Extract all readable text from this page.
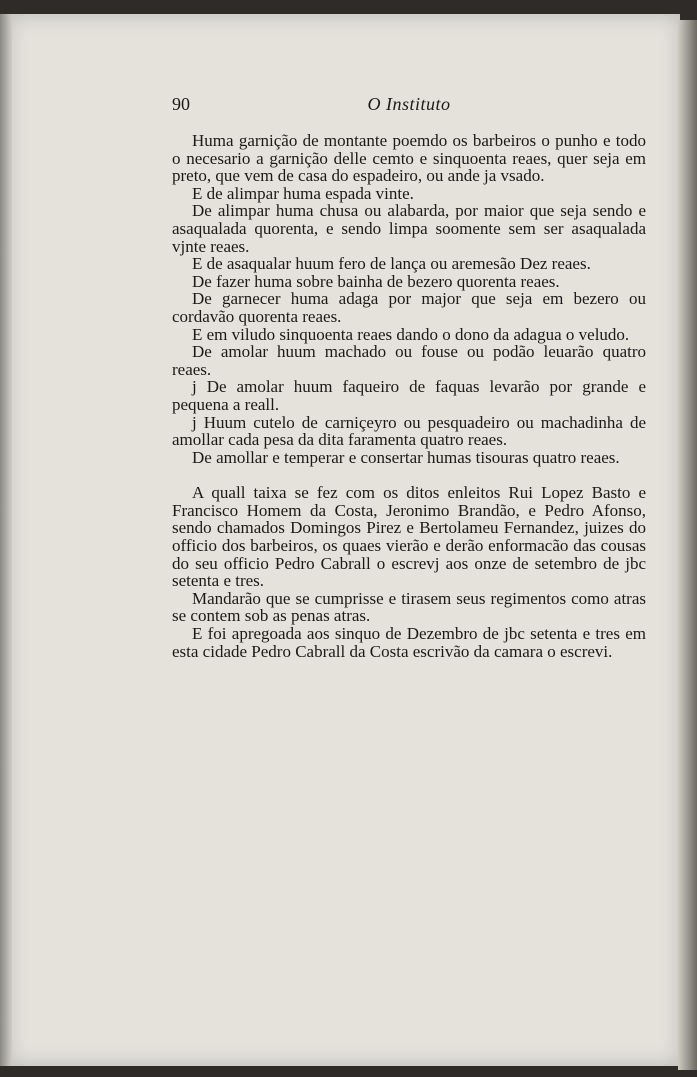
90	O Instituto

Huma garnição de montante poemdo os barbeiros o punho e todo o necesario a garnição delle cemto e sinquoenta reaes, quer seja em preto, que vem de casa do espadeiro, ou ande ja vsado.

E de alimpar huma espada vinte.

De alimpar huma chusa ou alabarda, por maior que seja sendo e asaqualada quorenta, e sendo limpa soomente sem ser asaqualada vjnte reaes.

E de asaqualar huum fero de lança ou aremesão Dez reaes.

De fazer huma sobre bainha de bezero quorenta reaes.

De garnecer huma adaga por major que seja em bezero ou cordavão quorenta reaes.

E em viludo sinquoenta reaes dando o dono da adagua o veludo.

De amolar huum machado ou fouse ou podão leuarão quatro reaes.

j De amolar huum faqueiro de faquas levarão por grande e pequena a reall.

j Huum cutelo de carniçeyro ou pesquadeiro ou machadinha de amollar cada pesa da dita faramenta quatro reaes.

De amollar e temperar e consertar humas tisouras quatro reaes.

A quall taixa se fez com os ditos enleitos Rui Lopez Basto e Francisco Homem da Costa, Jeronimo Brandão, e Pedro Afonso, sendo chamados Domingos Pirez e Bertolameu Fernandez, juizes do officio dos barbeiros, os quaes vierão e derão enformacão das cousas do seu officio Pedro Cabrall o escrevj aos onze de setembro de jbc setenta e tres.

Mandarão que se cumprisse e tirasem seus regimentos como atras se contem sob as penas atras.

E foi apregoada aos sinquo de Dezembro de jbc setenta e tres em esta cidade Pedro Cabrall da Costa escrivão da camara o escrevi.
